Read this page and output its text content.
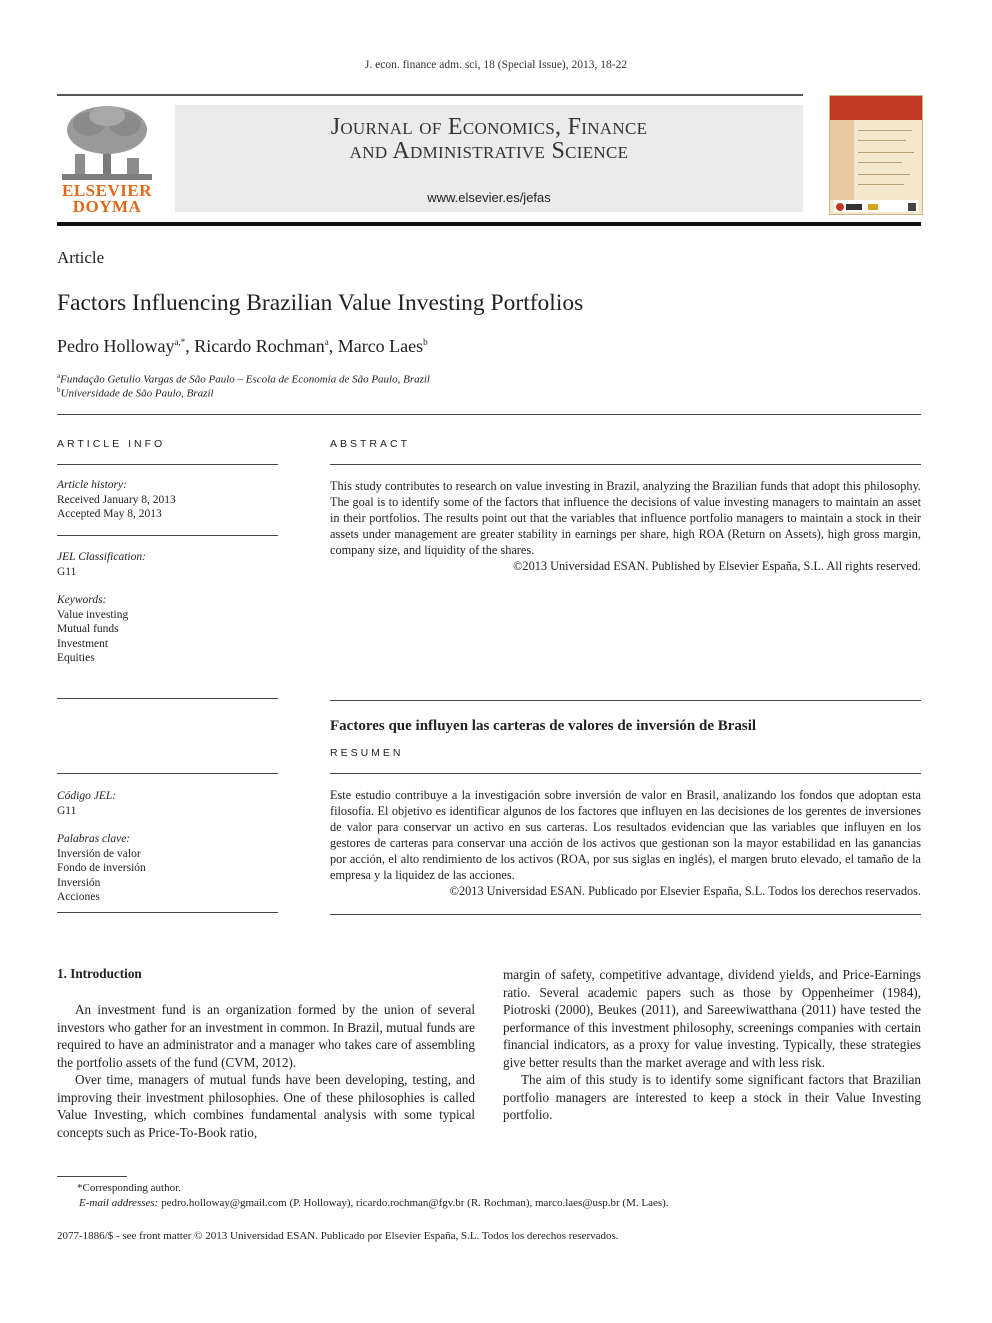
J. econ. finance adm. sci, 18 (Special Issue), 2013, 18-22
ELSEVIER
DOYMA
Journal of Economics, Finance
and Administrative Science
www.elsevier.es/jefas
Article
Factors Influencing Brazilian Value Investing Portfolios
Pedro Holloway$^{a,*}$, Ricardo Rochman$^a$, Marco Laes$^b$
$^a$Fundação Getulio Vargas de São Paulo – Escola de Economia de São Paulo, Brazil
$^b$Universidade de São Paulo, Brazil
ARTICLE INFO
Article history:
Received January 8, 2013
Accepted May 8, 2013
JEL Classification:
G11
Keywords:
Value investing
Mutual funds
Investment
Equities
ABSTRACT
This study contributes to research on value investing in Brazil, analyzing the Brazilian funds that adopt this philosophy. The goal is to identify some of the factors that influence the decisions of value investing managers to maintain an asset in their portfolios. The results point out that the variables that influence portfolio managers to maintain a stock in their assets under management are greater stability in earnings per share, high ROA (Return on Assets), high gross margin, company size, and liquidity of the shares.
©2013 Universidad ESAN. Published by Elsevier España, S.L. All rights reserved.
Factores que influyen las carteras de valores de inversión de Brasil
RESUMEN
Este estudio contribuye a la investigación sobre inversión de valor en Brasil, analizando los fondos que adoptan esta filosofía. El objetivo es identificar algunos de los factores que influyen en las decisiones de los gerentes de inversiones de valor para conservar un activo en sus carteras. Los resultados evidencian que las variables que influyen en los gestores de carteras para conservar una acción de los activos que gestionan son la mayor estabilidad en las ganancias por acción, el alto rendimiento de los activos (ROA, por sus siglas en inglés), el margen bruto elevado, el tamaño de la empresa y la liquidez de las acciones.
©2013 Universidad ESAN. Publicado por Elsevier España, S.L. Todos los derechos reservados.
Código JEL:
G11
Palabras clave:
Inversión de valor
Fondo de inversión
Inversión
Acciones
1. Introduction

An investment fund is an organization formed by the union of several investors who gather for an investment in common. In Brazil, mutual funds are required to have an administrator and a manager who takes care of assembling the portfolio assets of the fund (CVM, 2012).

Over time, managers of mutual funds have been developing, testing, and improving their investment philosophies. One of these philosophies is called Value Investing, which combines fundamental analysis with some typical concepts such as Price-To-Book ratio,

margin of safety, competitive advantage, dividend yields, and Price-Earnings ratio. Several academic papers such as those by Oppenheimer (1984), Piotroski (2000), Beukes (2011), and Sareewiwatthana (2011) have tested the performance of this investment philosophy, screenings companies with certain financial indicators, as a proxy for value investing. Typically, these strategies give better results than the market average and with less risk.

The aim of this study is to identify some significant factors that Brazilian portfolio managers are interested to keep a stock in their Value Investing portfolio.

*Corresponding author.
E-mail addresses: pedro.holloway@gmail.com (P. Holloway), ricardo.rochman@fgv.br (R. Rochman), marco.laes@usp.br (M. Laes).
2077-1886/$ - see front matter © 2013 Universidad ESAN. Publicado por Elsevier España, S.L. Todos los derechos reservados.
